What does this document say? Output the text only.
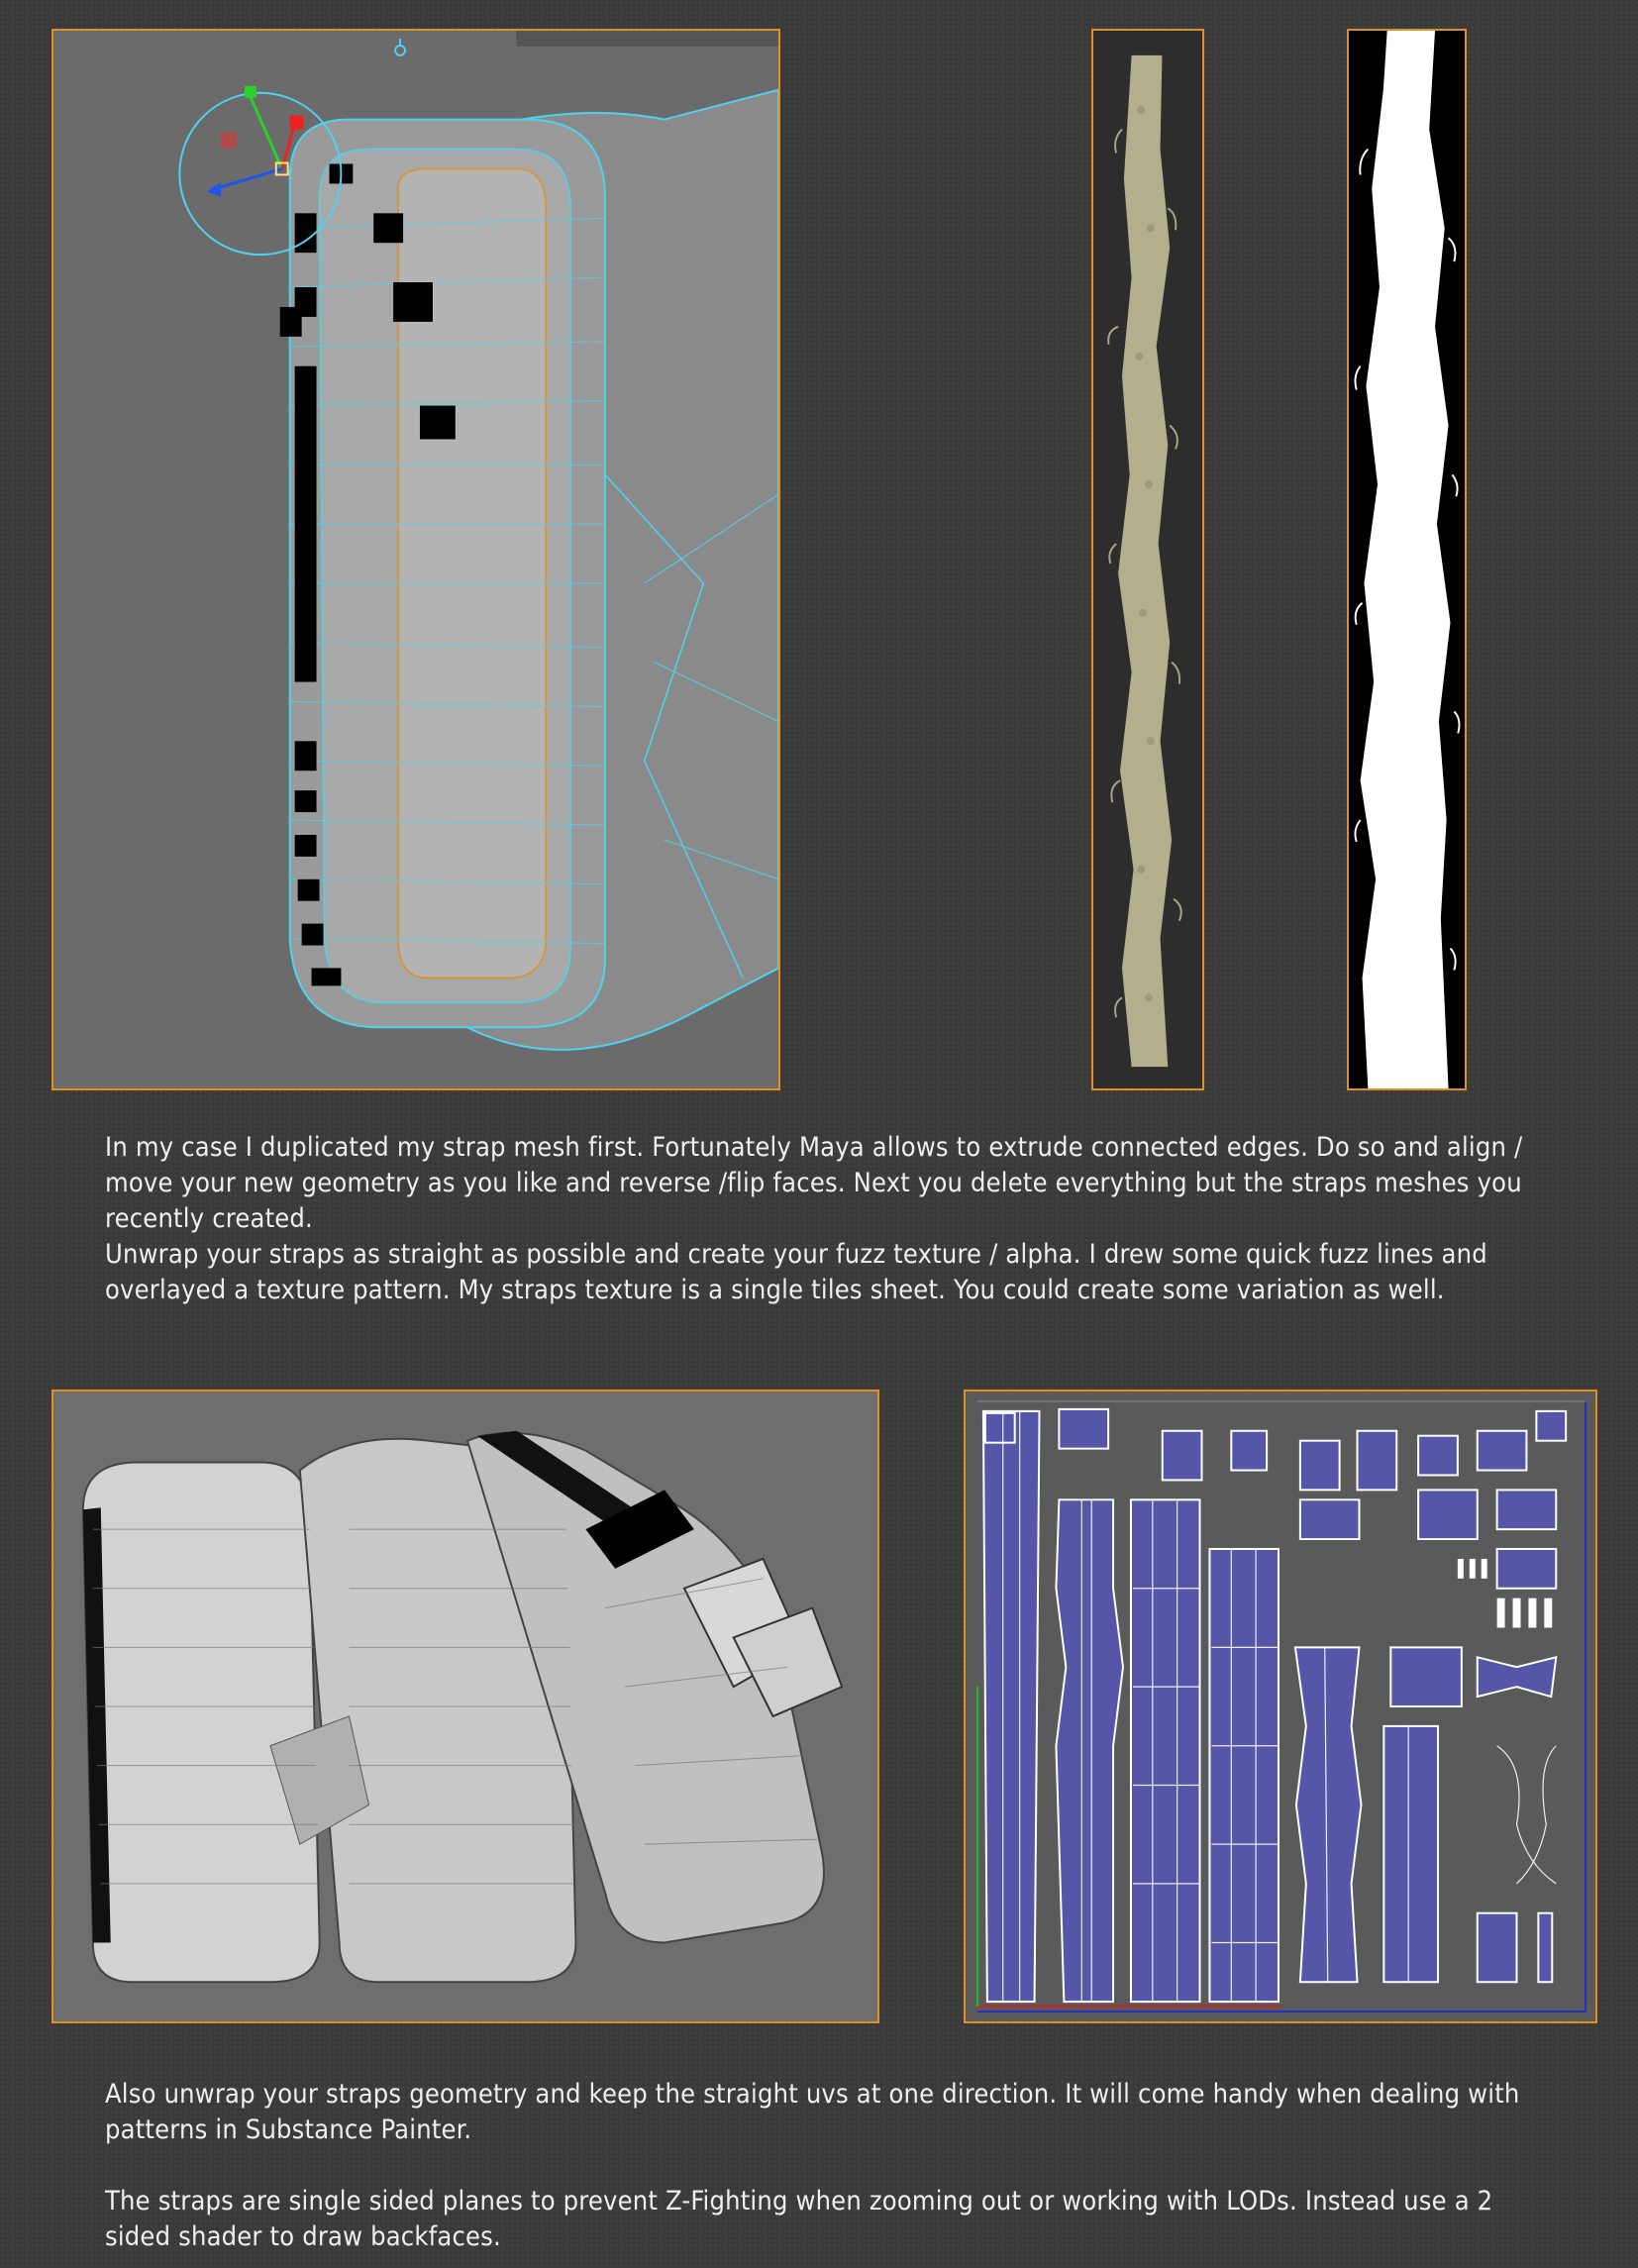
In my case I duplicated my strap mesh first. Fortunately Maya allows to extrude connected edges. Do so and align / move your new geometry as you like and reverse /flip faces. Next you delete everything but the straps meshes you recently created.

Unwrap your straps as straight as possible and create your fuzz texture / alpha. I drew some quick fuzz lines and overlayed a texture pattern. My straps texture is a single tiles sheet. You could create some variation as well.

Also unwrap your straps geometry and keep the straight uvs at one direction. It will come handy when dealing with patterns in Substance Painter.

The straps are single sided planes to prevent Z-Fighting when zooming out or working with LODs. Instead use a 2 sided shader to draw backfaces.
